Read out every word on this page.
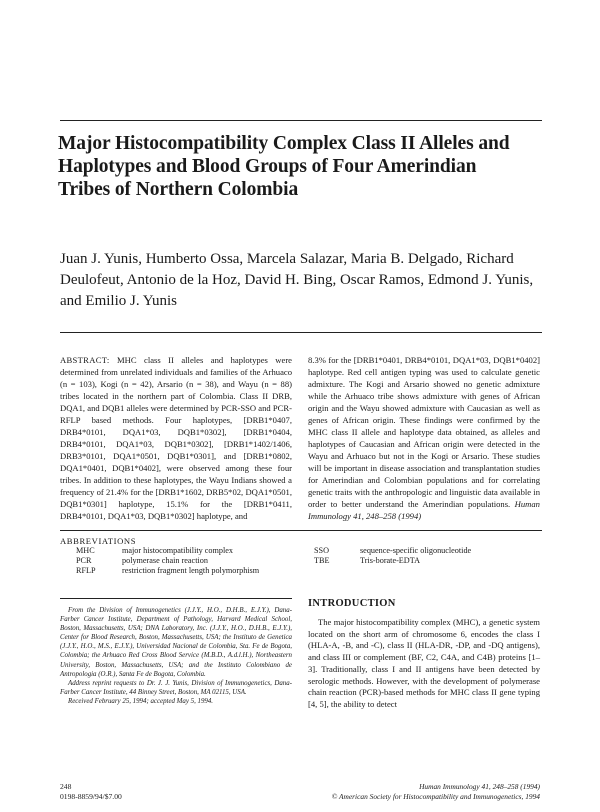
Major Histocompatibility Complex Class II Alleles and Haplotypes and Blood Groups of Four Amerindian Tribes of Northern Colombia
Juan J. Yunis, Humberto Ossa, Marcela Salazar, Maria B. Delgado, Richard Deulofeut, Antonio de la Hoz, David H. Bing, Oscar Ramos, Edmond J. Yunis, and Emilio J. Yunis
ABSTRACT: MHC class II alleles and haplotypes were determined from unrelated individuals and families of the Arhuaco (n = 103), Kogi (n = 42), Arsario (n = 38), and Wayu (n = 88) tribes located in the northern part of Colombia. Class II DRB, DQA1, and DQB1 alleles were determined by PCR-SSO and PCR-RFLP based methods. Four haplotypes, [DRB1*0407, DRB4*0101, DQA1*03, DQB1*0302], [DRB1*0404, DRB4*0101, DQA1*03, DQB1*0302], [DRB1*1402/1406, DRB3*0101, DQA1*0501, DQB1*0301], and [DRB1*0802, DQA1*0401, DQB1*0402], were observed among these four tribes. In addition to these haplotypes, the Wayu Indians showed a frequency of 21.4% for the [DRB1*1602, DRB5*02, DQA1*0501, DQB1*0301] haplotype, 15.1% for the [DRB1*0411, DRB4*0101, DQA1*03, DQB1*0302] haplotype, and
8.3% for the [DRB1*0401, DRB4*0101, DQA1*03, DQB1*0402] haplotype. Red cell antigen typing was used to calculate genetic admixture. The Kogi and Arsario showed no genetic admixture while the Arhuaco tribe shows admixture with genes of African origin and the Wayu showed admixture with Caucasian as well as genes of African origin. These findings were confirmed by the MHC class II allele and haplotype data obtained, as alleles and haplotypes of Caucasian and African origin were detected in the Wayu and Arhuaco but not in the Kogi or Arsario. These studies will be important in disease association and transplantation studies for Amerindian and Colombian populations and for correlating genetic traits with the anthropologic and linguistic data available in order to better understand the Amerindian populations. Human Immunology 41, 248–258 (1994)
ABBREVIATIONS
MHC	major histocompatibility complex
PCR	polymerase chain reaction
RFLP	restriction fragment length polymorphism
SSO	sequence-specific oligonucleotide
TBE	Tris-borate-EDTA

From the Division of Immunogenetics (J.J.Y., H.O., D.H.B., E.J.Y.), Dana-Farber Cancer Institute, Department of Pathology, Harvard Medical School, Boston, Massachusetts, USA; DNA Laboratory, Inc. (J.J.Y., H.O., D.H.B., E.J.Y.), Center for Blood Research, Boston, Massachusetts, USA; the Instituto de Genetica (J.J.Y., H.O., M.S., E.J.Y.), Universidad Nacional de Colombia, Sta. Fe de Bogota, Colombia; the Arhuaco Red Cross Blood Service (M.B.D., A.d.l.H.), Northeastern University, Boston, Massachusetts, USA; and the Instituto Colombiano de Antropologia (O.R.), Santa Fe de Bogota, Colombia.

Address reprint requests to Dr. J. J. Yunis, Division of Immunogenetics, Dana-Farber Cancer Institute, 44 Binney Street, Boston, MA 02115, USA.

Received February 25, 1994; accepted May 5, 1994.

INTRODUCTION

The major histocompatibility complex (MHC), a genetic system located on the short arm of chromosome 6, encodes the class I (HLA-A, -B, and -C), class II (HLA-DR, -DP, and -DQ antigens), and class III or complement (BF, C2, C4A, and C4B) proteins [1–3]. Traditionally, class I and II antigens have been detected by serologic methods. However, with the development of polymerase chain reaction (PCR)-based methods for MHC class II gene typing [4, 5], the ability to detect

248
0198-8859/94/$7.00
Human Immunology 41, 248–258 (1994)
© American Society for Histocompatibility and Immunogenetics, 1994
